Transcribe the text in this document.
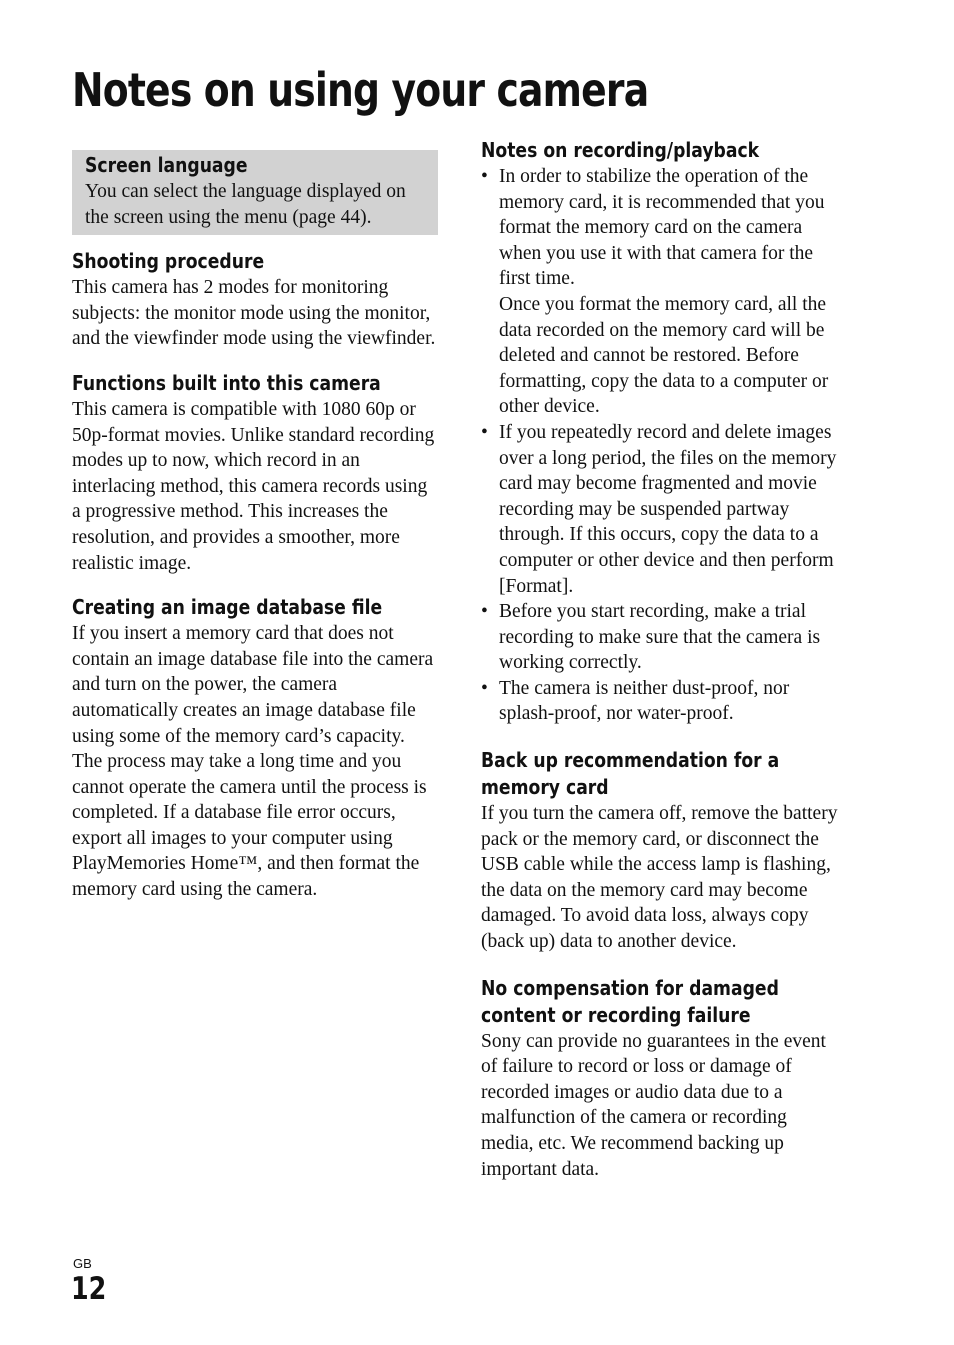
Notes on using your camera

Screen language

You can select the language displayed on the screen using the menu (page 44).

Shooting procedure

This camera has 2 modes for monitoring subjects: the monitor mode using the monitor, and the viewfinder mode using the viewfinder.

Functions built into this camera

This camera is compatible with 1080 60p or 50p-format movies. Unlike standard recording modes up to now, which record in an interlacing method, this camera records using a progressive method. This increases the resolution, and provides a smoother, more realistic image.

Creating an image database file

If you insert a memory card that does not contain an image database file into the camera and turn on the power, the camera automatically creates an image database file using some of the memory card’s capacity.

The process may take a long time and you cannot operate the camera until the process is completed. If a database file error occurs, export all images to your computer using PlayMemories Home™, and then format the memory card using the camera.

Notes on recording/playback

• In order to stabilize the operation of the memory card, it is recommended that you format the memory card on the camera when you use it with that camera for the first time.
Once you format the memory card, all the data recorded on the memory card will be deleted and cannot be restored. Before formatting, copy the data to a computer or other device.
• If you repeatedly record and delete images over a long period, the files on the memory card may become fragmented and movie recording may be suspended partway through. If this occurs, copy the data to a computer or other device and then perform [Format].
• Before you start recording, make a trial recording to make sure that the camera is working correctly.
• The camera is neither dust-proof, nor splash-proof, nor water-proof.

Back up recommendation for a

memory card

If you turn the camera off, remove the battery pack or the memory card, or disconnect the USB cable while the access lamp is flashing, the data on the memory card may become damaged. To avoid data loss, always copy (back up) data to another device.

No compensation for damaged

content or recording failure

Sony can provide no guarantees in the event of failure to record or loss or damage of recorded images or audio data due to a malfunction of the camera or recording media, etc. We recommend backing up important data.

GB
12
